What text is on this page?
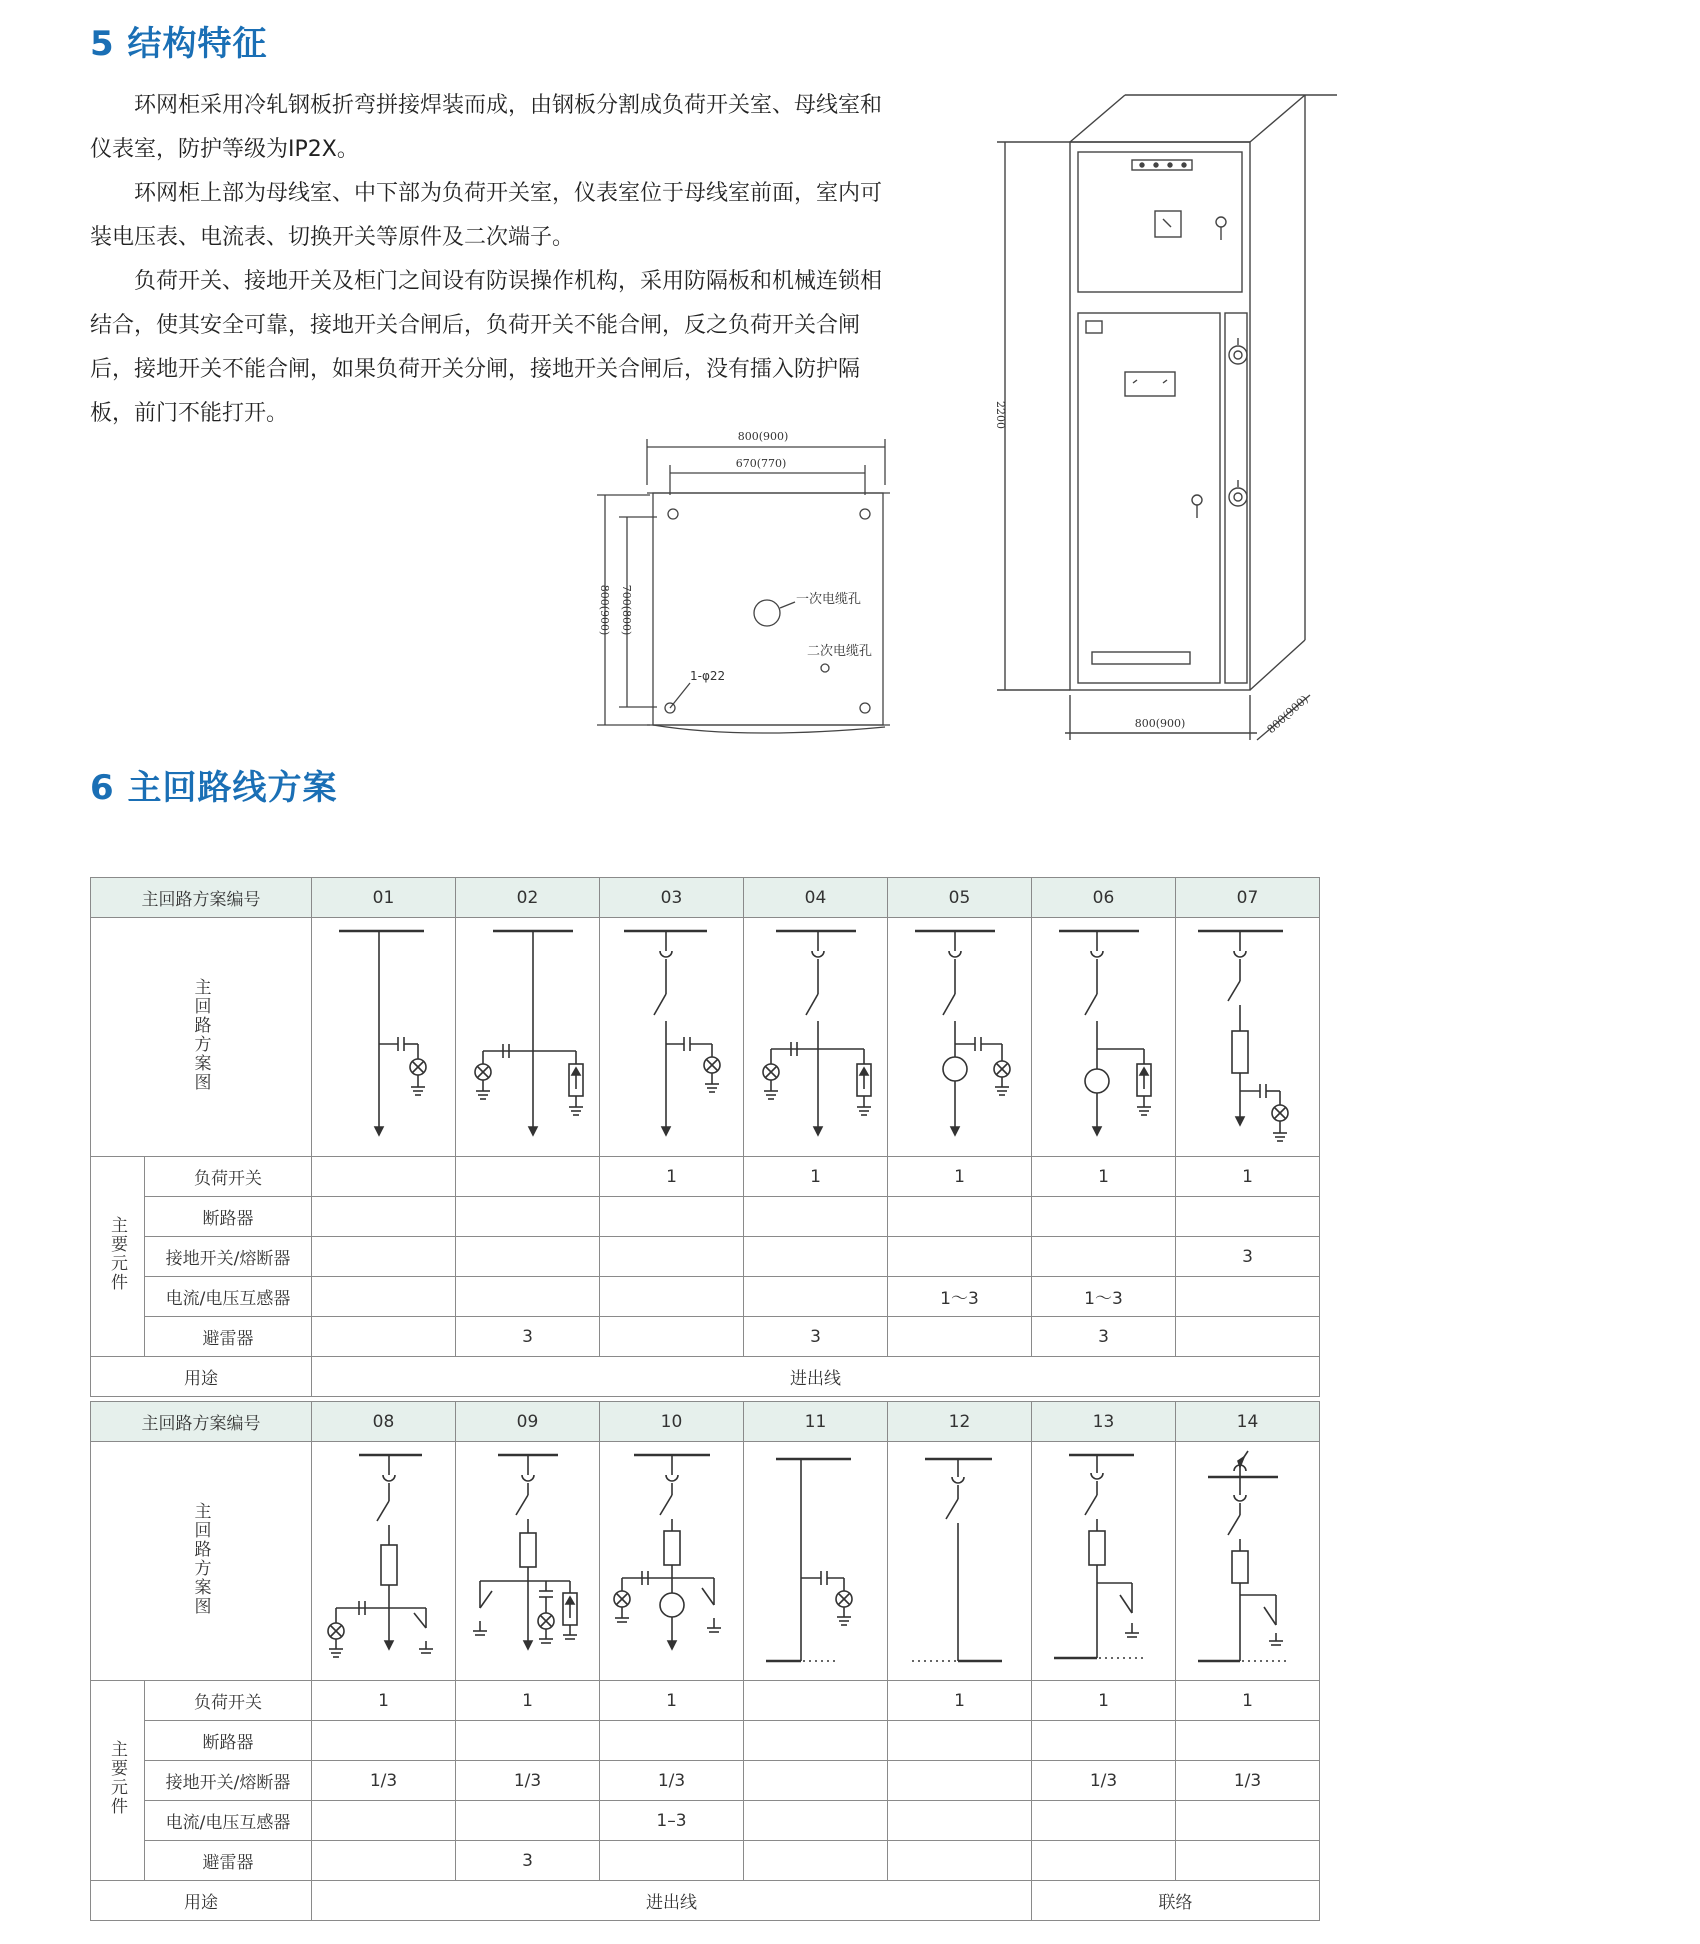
5 结构特征

环网柜采用冷轧钢板折弯拼接焊装而成，由钢板分割成负荷开关室、母线室和仪表室，防护等级为IP2X。

环网柜上部为母线室、中下部为负荷开关室，仪表室位于母线室前面，室内可装电压表、电流表、切换开关等原件及二次端子。

负荷开关、接地开关及柜门之间设有防误操作机构，采用防隔板和机械连锁相结合，使其安全可靠，接地开关合闸后，负荷开关不能合闸，反之负荷开关合闸后，接地开关不能合闸，如果负荷开关分闸，接地开关合闸后，没有擂入防护隔板，前门不能打开。

800(900)
670(770)
800(900) 700(800)	一次电缆孔
二次电缆孔
1-φ22
2200
800(900)	800(900)
6 主回路线方案
主回路方案编号		01	02	03	04	05	06	07
主回路方案图	

主要元件	负荷开关			1	1	1	1	1
	断路器							
	接地开关/熔断器							3
	电流/电压互感器					1～3	1～3	
	避雷器		3		3		3	
用途		进出线						
主回路方案编号		08	09	10	11	12	13	14
主回路方案图	

主要元件	负荷开关	1	1	1		1	1	1
	断路器							
	接地开关/熔断器	1/3	1/3	1/3			1/3	1/3
	电流/电压互感器			1–3				
	避雷器		3					
用途		进出线					联络	
